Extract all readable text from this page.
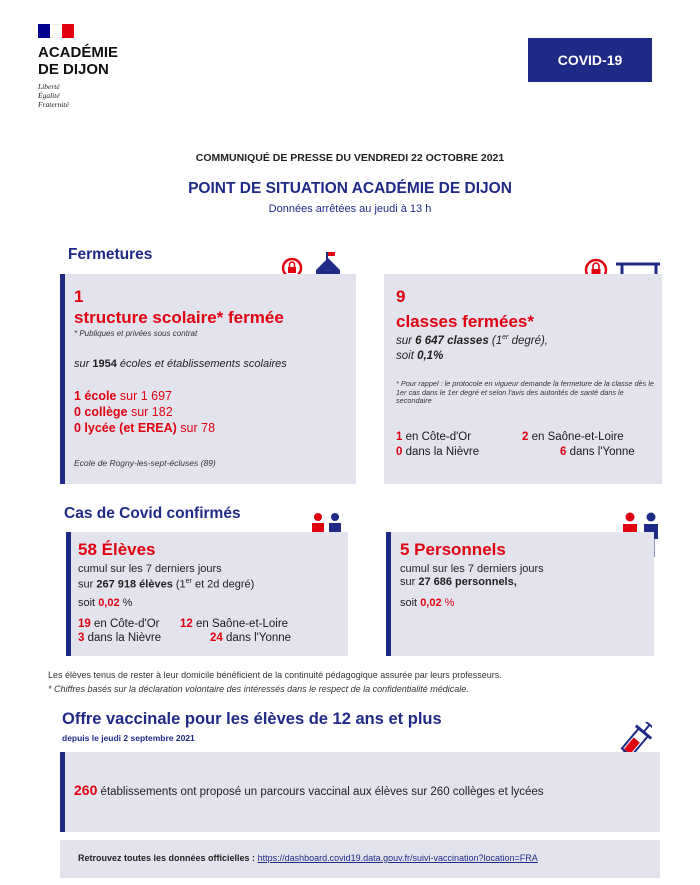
ACADÉMIE
DE DIJON
Liberté
Égalité
Fraternité
COVID-19
COMMUNIQUÉ DE PRESSE DU VENDREDI 22 OCTOBRE 2021
POINT DE SITUATION ACADÉMIE DE DIJON
Données arrêtées au jeudi à 13 h
Fermetures
1
structure scolaire* fermée
* Publiques et privées sous contrat
sur 1954 écoles et établissements scolaires
1 école sur 1 697
0 collège sur 182
0 lycée (et EREA) sur 78
Ecole de Rogny-les-sept-écluses (89)
9
classes fermées*
sur 6 647 classes (1er degré),
soit 0,1%
* Pour rappel : le protocole en vigueur demande la fermeture de la classe dès le 1er cas dans le 1er degré et selon l'avis des autorités de santé dans le secondaire
1 en Côte-d'Or	2 en Saône-et-Loire
0 dans la Nièvre	6 dans l'Yonne
Cas de Covid confirmés
58 Élèves
cumul sur les 7 derniers jours
sur 267 918 élèves (1er et 2d degré)
soit 0,02 %
19 en Côte-d'Or 12 en Saône-et-Loire
3 dans la Nièvre	24 dans l'Yonne
5 Personnels
cumul sur les 7 derniers jours
sur 27 686 personnels,
soit 0,02 %
Les élèves tenus de rester à leur domicile bénéficient de la continuité pédagogique assurée par leurs professeurs.
* Chiffres basés sur la déclaration volontaire des intéressés dans le respect de la confidentialité médicale.
Offre vaccinale pour les élèves de 12 ans et plus
depuis le jeudi 2 septembre 2021
260 établissements ont proposé un parcours vaccinal aux élèves sur 260 collèges et lycées
Retrouvez toutes les données officielles : https://dashboard.covid19.data.gouv.fr/suivi-vaccination?location=FRA
